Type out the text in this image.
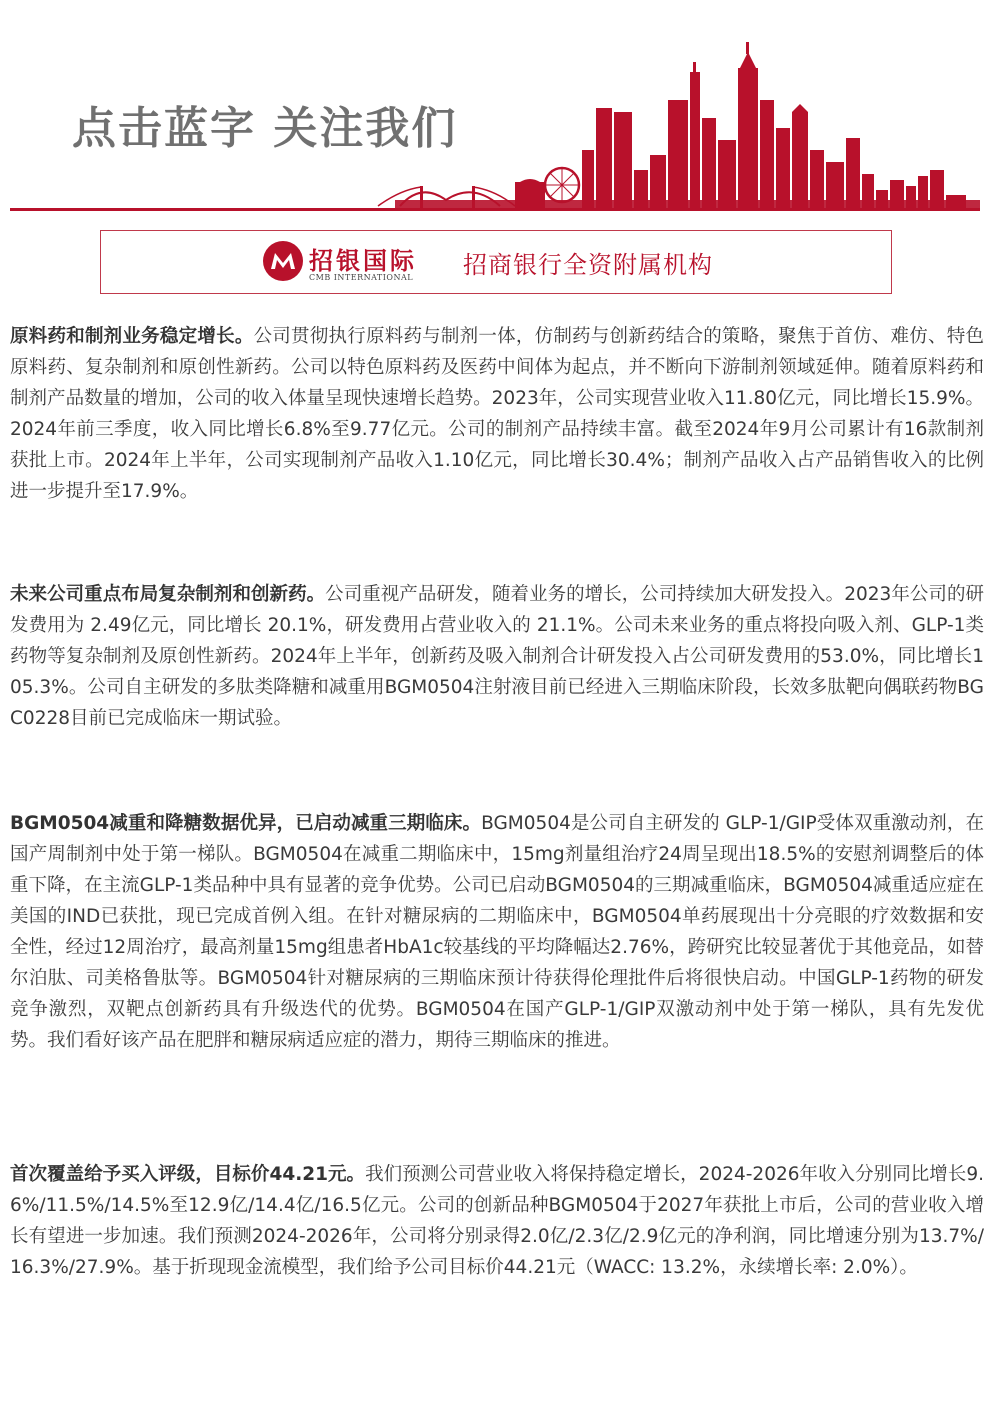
点击蓝字 关注我们
招银国际
CMB INTERNATIONAL 招商银行全资附属机构

原料药和制剂业务稳定增长。公司贯彻执行原料药与制剂一体，仿制药与创新药结合的策略，聚焦于首仿、难仿、特色原料药、复杂制剂和原创性新药。公司以特色原料药及医药中间体为起点，并不断向下游制剂领域延伸。随着原料药和制剂产品数量的增加，公司的收入体量呈现快速增长趋势。2023年，公司实现营业收入11.80亿元，同比增长15.9%。2024年前三季度，收入同比增长6.8%至9.77亿元。公司的制剂产品持续丰富。截至2024年9月公司累计有16款制剂获批上市。2024年上半年，公司实现制剂产品收入1.10亿元，同比增长30.4%；制剂产品收入占产品销售收入的比例进一步提升至17.9%。

未来公司重点布局复杂制剂和创新药。公司重视产品研发，随着业务的增长，公司持续加大研发投入。2023年公司的研发费用为 2.49亿元，同比增长 20.1%，研发费用占营业收入的 21.1%。公司未来业务的重点将投向吸入剂、GLP-1类药物等复杂制剂及原创性新药。2024年上半年，创新药及吸入制剂合计研发投入占公司研发费用的53.0%，同比增长105.3%。公司自主研发的多肽类降糖和减重用BGM0504注射液目前已经进入三期临床阶段，长效多肽靶向偶联药物BGC0228目前已完成临床一期试验。

BGM0504减重和降糖数据优异，已启动减重三期临床。BGM0504是公司自主研发的 GLP-1/GIP受体双重激动剂，在国产周制剂中处于第一梯队。BGM0504在减重二期临床中，15mg剂量组治疗24周呈现出18.5%的安慰剂调整后的体重下降，在主流GLP-1类品种中具有显著的竞争优势。公司已启动BGM0504的三期减重临床，BGM0504减重适应症在美国的IND已获批，现已完成首例入组。在针对糖尿病的二期临床中，BGM0504单药展现出十分亮眼的疗效数据和安全性，经过12周治疗，最高剂量15mg组患者HbA1c较基线的平均降幅达2.76%，跨研究比较显著优于其他竞品，如替尔泊肽、司美格鲁肽等。BGM0504针对糖尿病的三期临床预计待获得伦理批件后将很快启动。中国GLP-1药物的研发竞争激烈，双靶点创新药具有升级迭代的优势。BGM0504在国产GLP-1/GIP双激动剂中处于第一梯队，具有先发优势。我们看好该产品在肥胖和糖尿病适应症的潜力，期待三期临床的推进。

首次覆盖给予买入评级，目标价44.21元。我们预测公司营业收入将保持稳定增长，2024-2026年收入分别同比增长9.6%/11.5%/14.5%至12.9亿/14.4亿/16.5亿元。公司的创新品种BGM0504于2027年获批上市后，公司的营业收入增长有望进一步加速。我们预测2024-2026年，公司将分别录得2.0亿/2.3亿/2.9亿元的净利润，同比增速分别为13.7%/16.3%/27.9%。基于折现现金流模型，我们给予公司目标价44.21元（WACC: 13.2%，永续增长率: 2.0%）。
